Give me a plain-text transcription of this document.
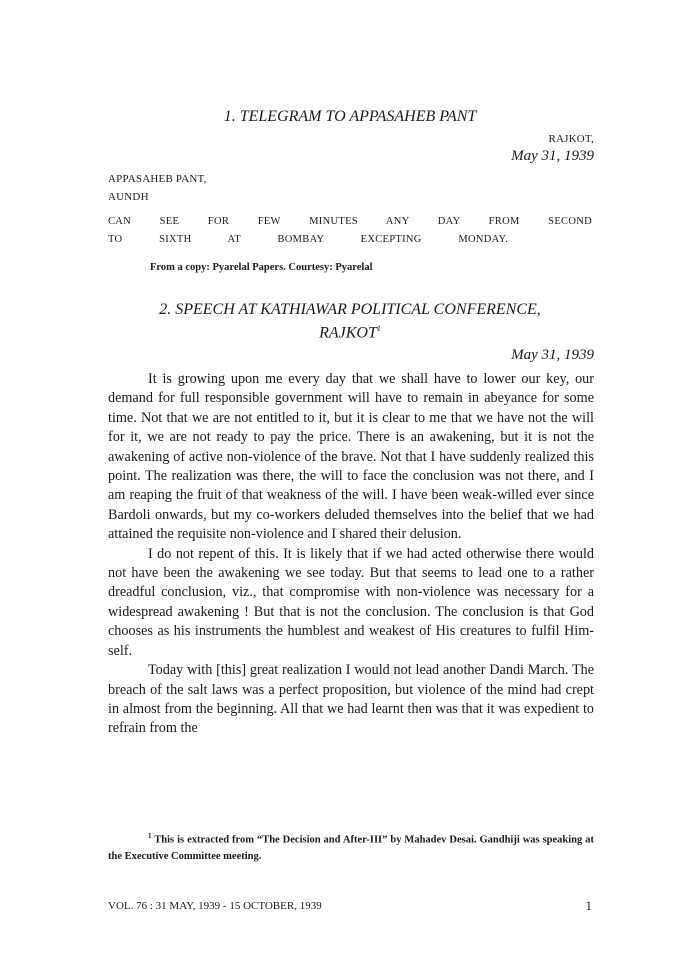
1. TELEGRAM TO APPASAHEB PANT
RAJKOT,
May 31, 1939
APPASAHEB PANT,
AUNDH
CAN SEE FOR FEW MINUTES ANY DAY FROM SECOND
TO SIXTH AT BOMBAY EXCEPTING MONDAY.
From a copy: Pyarelal Papers. Courtesy: Pyarelal
2. SPEECH AT KATHIAWAR POLITICAL CONFERENCE,
RAJKOT$^1$
May 31, 1939

It is growing upon me every day that we shall have to lower our key, our demand for full responsible government will have to remain in abeyance for some time. Not that we are not entitled to it, but it is clear to me that we have not the will for it, we are not ready to pay the price. There is an awakening, but it is not the awakening of active non-violence of the brave. Not that I have suddenly realized this point. The realization was there, the will to face the conclusion was not there, and I am reaping the fruit of that weakness of the will. I have been weak-willed ever since Bardoli onwards, but my co-workers deluded themselves into the belief that we had attained the requisite non-violence and I shared their delusion.

I do not repent of this. It is likely that if we had acted otherwise there would not have been the awakening we see today. But that seems to lead one to a rather dreadful conclusion, viz., that compromise with non-violence was necessary for a widespread awakening ! But that is not the conclusion. The conclusion is that God chooses as his instruments the humblest and weakest of His creatures to fulfil Him-self.

Today with [this] great realization I would not lead another Dandi March. The breach of the salt laws was a perfect proposition, but violence of the mind had crept in almost from the beginning. All that we had learnt then was that it was expedient to refrain from the

$^1$ This is extracted from “The Decision and After-III” by Mahadev Desai. Gandhiji was speaking at the Executive Committee meeting.
VOL. 76 : 31 MAY, 1939 - 15 OCTOBER, 1939	1
